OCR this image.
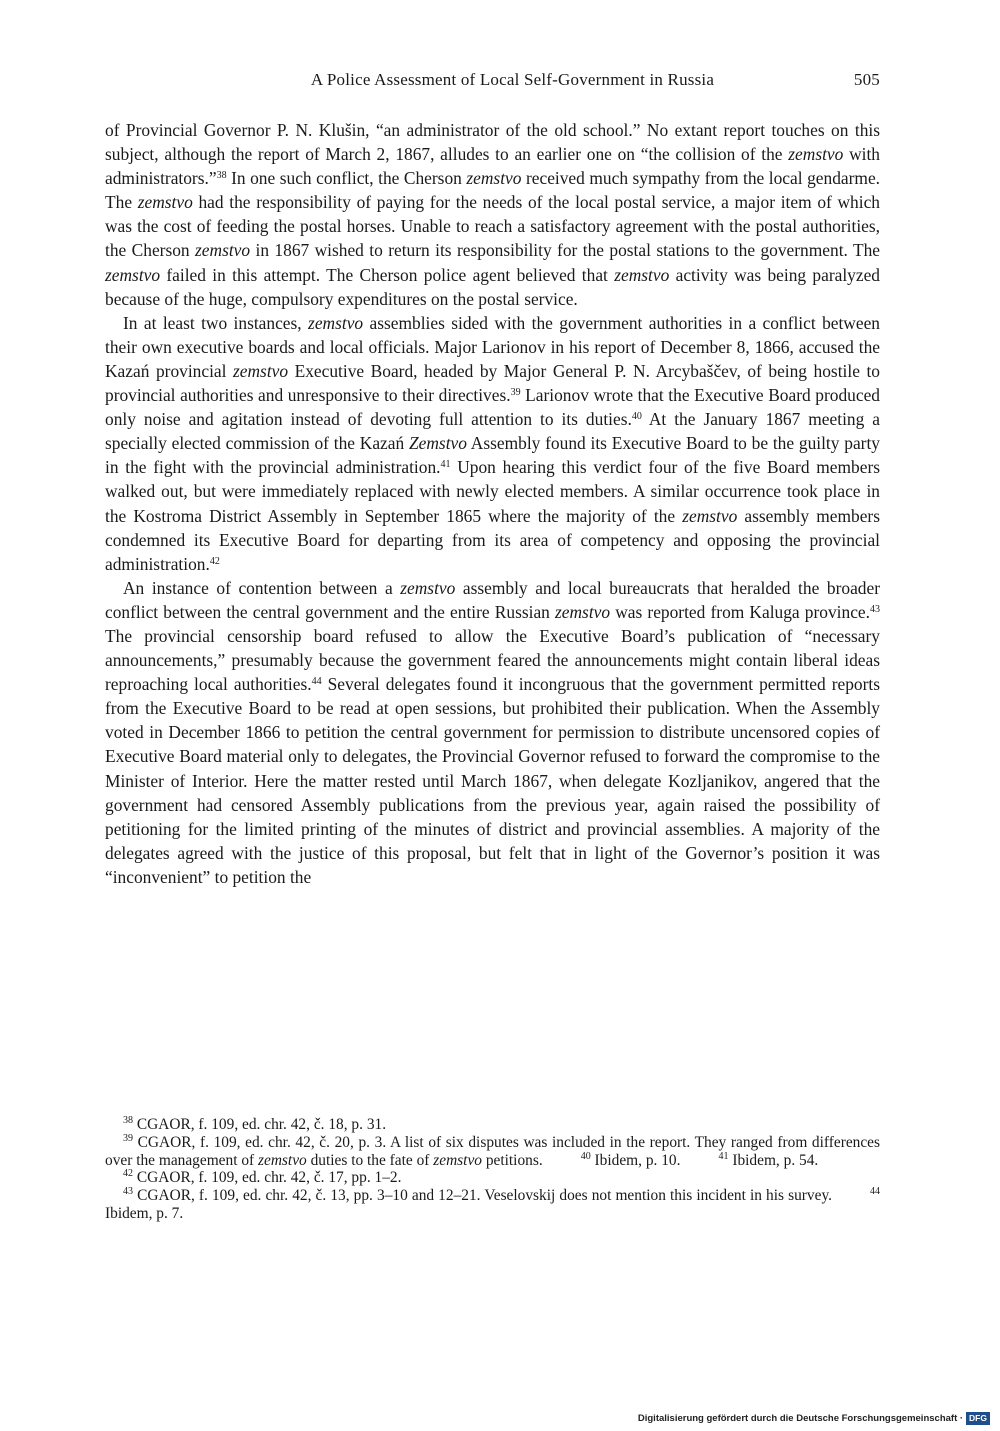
A Police Assessment of Local Self-Government in Russia	505

of Provincial Governor P. N. Klušin, “an administrator of the old school.” No extant report touches on this subject, although the report of March 2, 1867, alludes to an earlier one on “the collision of the zemstvo with administrators.”$^{38}$ In one such conflict, the Cherson zemstvo received much sympathy from the local gendarme. The zemstvo had the responsibility of paying for the needs of the local postal service, a major item of which was the cost of feeding the postal horses. Unable to reach a satisfactory agreement with the postal authorities, the Cherson zemstvo in 1867 wished to return its responsibility for the postal stations to the government. The zemstvo failed in this attempt. The Cherson police agent believed that zemstvo activity was being paralyzed because of the huge, compulsory expenditures on the postal service.

In at least two instances, zemstvo assemblies sided with the government authorities in a conflict between their own executive boards and local officials. Major Larionov in his report of December 8, 1866, accused the Kazań provincial zemstvo Executive Board, headed by Major General P. N. Arcybaščev, of being hostile to provincial authorities and unresponsive to their directives.$^{39}$ Larionov wrote that the Executive Board produced only noise and agitation instead of devoting full attention to its duties.$^{40}$ At the January 1867 meeting a specially elected commission of the Kazań Zemstvo Assembly found its Executive Board to be the guilty party in the fight with the provincial administration.$^{41}$ Upon hearing this verdict four of the five Board members walked out, but were immediately replaced with newly elected members. A similar occurrence took place in the Kostroma District Assembly in September 1865 where the majority of the zemstvo assembly members condemned its Executive Board for departing from its area of competency and opposing the provincial administration.$^{42}$

An instance of contention between a zemstvo assembly and local bureaucrats that heralded the broader conflict between the central government and the entire Russian zemstvo was reported from Kaluga province.$^{43}$ The provincial censorship board refused to allow the Executive Board’s publication of “necessary announcements,” presumably because the government feared the announcements might contain liberal ideas reproaching local authorities.$^{44}$ Several delegates found it incongruous that the government permitted reports from the Executive Board to be read at open sessions, but prohibited their publication. When the Assembly voted in December 1866 to petition the central government for permission to distribute uncensored copies of Executive Board material only to delegates, the Provincial Governor refused to forward the compromise to the Minister of Interior. Here the matter rested until March 1867, when delegate Kozljanikov, angered that the government had censored Assembly publications from the previous year, again raised the possibility of petitioning for the limited printing of the minutes of district and provincial assemblies. A majority of the delegates agreed with the justice of this proposal, but felt that in light of the Governor’s position it was “inconvenient” to petition the

$^{38}$ CGAOR, f. 109, ed. chr. 42, č. 18, p. 31.

$^{39}$ CGAOR, f. 109, ed. chr. 42, č. 20, p. 3. A list of six disputes was included in the report. They ranged from differences over the management of zemstvo duties to the fate of zemstvo petitions.	$^{40}$ Ibidem, p. 10.	$^{41}$ Ibidem, p. 54.

$^{42}$ CGAOR, f. 109, ed. chr. 42, č. 17, pp. 1–2.

$^{43}$ CGAOR, f. 109, ed. chr. 42, č. 13, pp. 3–10 and 12–21. Veselovskij does not mention this incident in his survey.	$^{44}$ Ibidem, p. 7.

Digitalisierung gefördert durch die Deutsche Forschungsgemeinschaft · DFG
